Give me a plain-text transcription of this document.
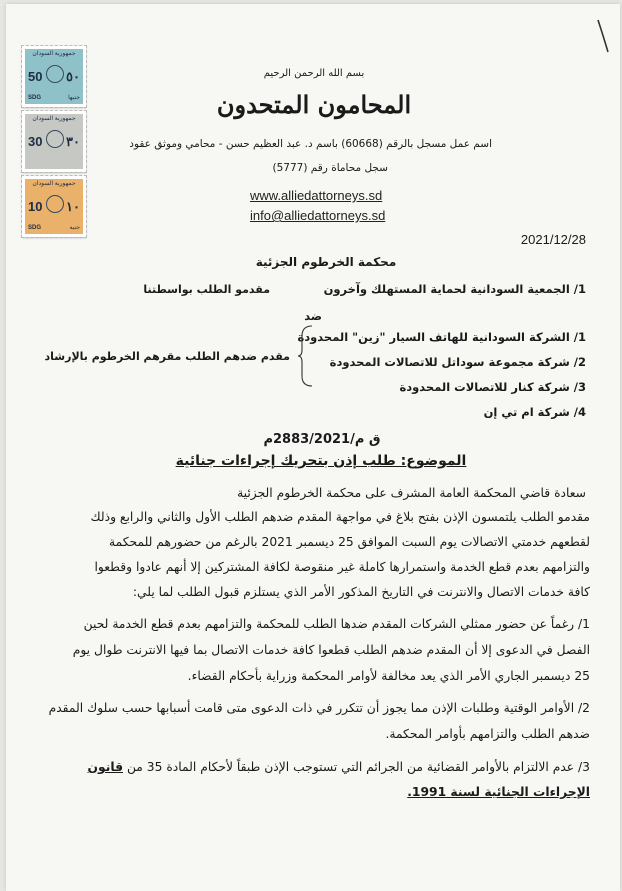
جمهورية السودان
50 ٥٠
SDG	جنيها
جمهورية السودان
30 ٣٠
جمهورية السودان
10 ١٠
SDG	جنيه
بسم الله الرحمن الرحيم
المحامون المتحدون
اسم عمل مسجل بالرقم (60668) باسم د. عبد العظيم حسن - محامي وموثق عقود
سجل محاماة رقم (5777)
www.alliedattorneys.sd
info@alliedattorneys.sd
2021/12/28
محكمة الخرطوم الجزئية
1/ الجمعية السودانية لحماية المستهلك وآخرون
مقدمو الطلب بواسطتنا
ضد
1/ الشركة السودانية للهاتف السيار "زين" المحدودة
2/ شركة مجموعة سوداتل للاتصالات المحدودة
3/ شركة كنار للاتصالات المحدودة
4/ شركة ام تي إن
مقدم ضدهم الطلب مقرهم الخرطوم بالإرشاد
ق م/2883/2021م
الموضوع: طلب إذن بتحريك إجراءات جنائية
سعادة قاضي المحكمة العامة المشرف على محكمة الخرطوم الجزئية
مقدمو الطلب يلتمسون الإذن بفتح بلاغ في مواجهة المقدم ضدهم الطلب الأول والثاني والرابع وذلك
لقطعهم خدمتي الاتصالات يوم السبت الموافق 25 ديسمبر 2021 بالرغم من حضورهم للمحكمة
والتزامهم بعدم قطع الخدمة واستمرارها كاملة غير منقوصة لكافة المشتركين إلا أنهم عادوا وقطعوا
كافة خدمات الاتصال والانترنت في التاريخ المذكور الأمر الذي يستلزم قبول الطلب لما يلي:
1/ رغماً عن حضور ممثلي الشركات المقدم ضدها الطلب للمحكمة والتزامهم بعدم قطع الخدمة لحين
الفصل في الدعوى إلا أن المقدم ضدهم الطلب قطعوا كافة خدمات الاتصال بما فيها الانترنت طوال يوم
25 ديسمبر الجاري الأمر الذي يعد مخالفة لأوامر المحكمة وزراية بأحكام القضاء.
2/ الأوامر الوقتية وطلبات الإذن مما يجوز أن تتكرر في ذات الدعوى متى قامت أسبابها حسب سلوك المقدم
ضدهم الطلب والتزامهم بأوامر المحكمة.
3/ عدم الالتزام بالأوامر القضائية من الجرائم التي تستوجب الإذن طبقاً لأحكام المادة 35 من قانون
الإجراءات الجنائية لسنة 1991.
